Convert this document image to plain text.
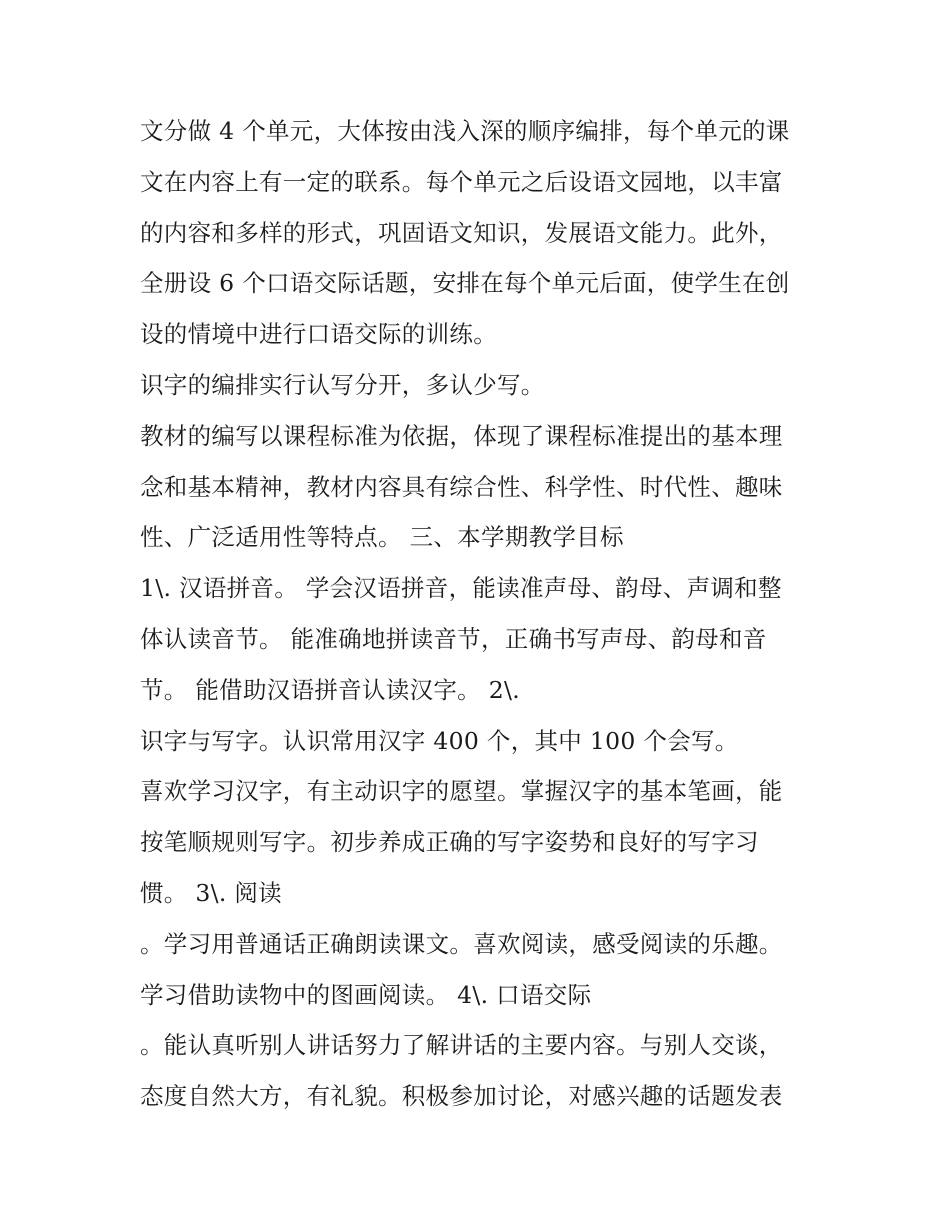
文分做 4 个单元，大体按由浅入深的顺序编排，每个单元的课
文在内容上有一定的联系。每个单元之后设语文园地，以丰富
的内容和多样的形式，巩固语文知识，发展语文能力。此外，
全册设 6 个口语交际话题，安排在每个单元后面，使学生在创
设的情境中进行口语交际的训练。
识字的编排实行认写分开，多认少写。
教材的编写以课程标准为依据，体现了课程标准提出的基本理
念和基本精神，教材内容具有综合性、科学性、时代性、趣味
性、广泛适用性等特点。 三、本学期教学目标
1\. 汉语拼音。 学会汉语拼音，能读准声母、韵母、声调和整
体认读音节。 能准确地拼读音节，正确书写声母、韵母和音
节。 能借助汉语拼音认读汉字。 2\.
识字与写字。认识常用汉字 400 个，其中 100 个会写。
喜欢学习汉字，有主动识字的愿望。掌握汉字的基本笔画，能
按笔顺规则写字。初步养成正确的写字姿势和良好的写字习
惯。 3\. 阅读
。学习用普通话正确朗读课文。喜欢阅读，感受阅读的乐趣。
学习借助读物中的图画阅读。 4\. 口语交际
。能认真听别人讲话努力了解讲话的主要内容。与别人交谈，
态度自然大方，有礼貌。积极参加讨论，对感兴趣的话题发表
